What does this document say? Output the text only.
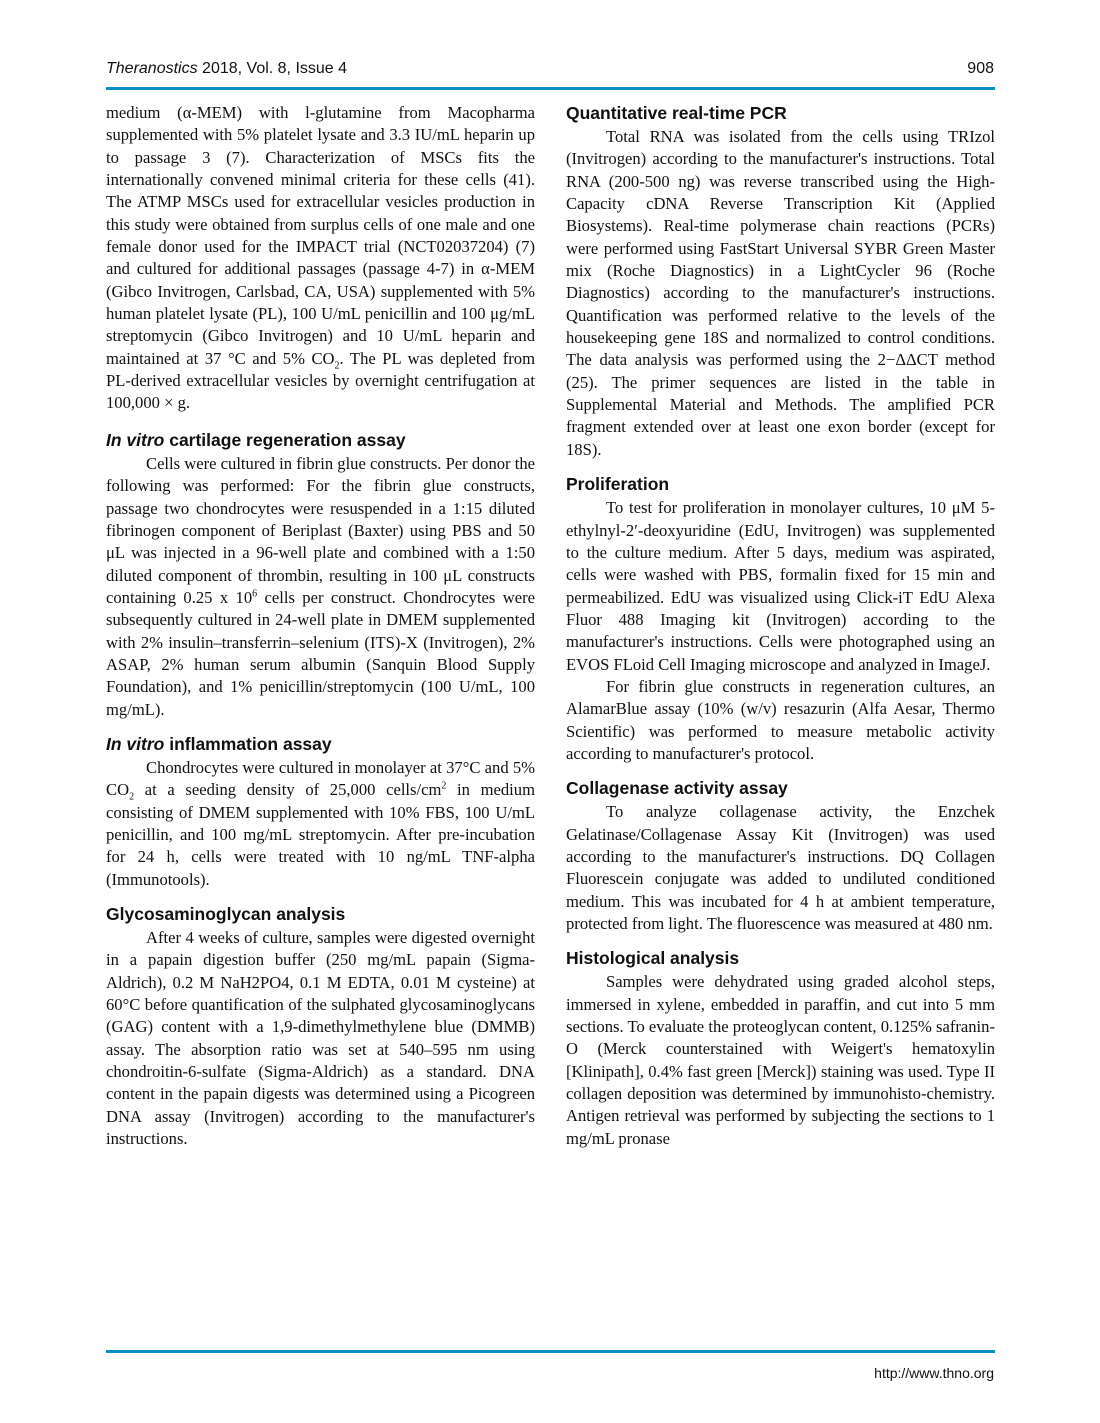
Theranostics 2018, Vol. 8, Issue 4	908

medium (α-MEM) with l-glutamine from Macopharma supplemented with 5% platelet lysate and 3.3 IU/mL heparin up to passage 3 (7). Characterization of MSCs fits the internationally convened minimal criteria for these cells (41). The ATMP MSCs used for extracellular vesicles production in this study were obtained from surplus cells of one male and one female donor used for the IMPACT trial (NCT02037204) (7) and cultured for additional passages (passage 4-7) in α-MEM (Gibco Invitrogen, Carlsbad, CA, USA) supplemented with 5% human platelet lysate (PL), 100 U/mL penicillin and 100 μg/mL streptomycin (Gibco Invitrogen) and 10 U/mL heparin and maintained at 37 °C and 5% $CO_2$. The PL was depleted from PL-derived extracellular vesicles by overnight centrifugation at 100,000 × g.

In vitro cartilage regeneration assay

Cells were cultured in fibrin glue constructs. Per donor the following was performed: For the fibrin glue constructs, passage two chondrocytes were resuspended in a 1:15 diluted fibrinogen component of Beriplast (Baxter) using PBS and 50 μL was injected in a 96-well plate and combined with a 1:50 diluted component of thrombin, resulting in 100 μL constructs containing 0.25 x $10^6$ cells per construct. Chondrocytes were subsequently cultured in 24-well plate in DMEM supplemented with 2% insulin–transferrin–selenium (ITS)-X (Invitrogen), 2% ASAP, 2% human serum albumin (Sanquin Blood Supply Foundation), and 1% penicillin/streptomycin (100 U/mL, 100 mg/mL).

In vitro inflammation assay

Chondrocytes were cultured in monolayer at 37°C and 5% $CO_2$ at a seeding density of 25,000 cells/$cm^2$ in medium consisting of DMEM supplemented with 10% FBS, 100 U/mL penicillin, and 100 mg/mL streptomycin. After pre-incubation for 24 h, cells were treated with 10 ng/mL TNF-alpha (Immunotools).

Glycosaminoglycan analysis

After 4 weeks of culture, samples were digested overnight in a papain digestion buffer (250 mg/mL papain (Sigma-Aldrich), 0.2 M NaH2PO4, 0.1 M EDTA, 0.01 M cysteine) at 60°C before quantification of the sulphated glycosaminoglycans (GAG) content with a 1,9-dimethylmethylene blue (DMMB) assay. The absorption ratio was set at 540–595 nm using chondroitin-6-sulfate (Sigma-Aldrich) as a standard. DNA content in the papain digests was determined using a Picogreen DNA assay (Invitrogen) according to the manufacturer's instructions.

Quantitative real-time PCR

Total RNA was isolated from the cells using TRIzol (Invitrogen) according to the manufacturer's instructions. Total RNA (200-500 ng) was reverse transcribed using the High-Capacity cDNA Reverse Transcription Kit (Applied Biosystems). Real-time polymerase chain reactions (PCRs) were performed using FastStart Universal SYBR Green Master mix (Roche Diagnostics) in a LightCycler 96 (Roche Diagnostics) according to the manufacturer's instructions. Quantification was performed relative to the levels of the housekeeping gene 18S and normalized to control conditions. The data analysis was performed using the 2−ΔΔCT method (25). The primer sequences are listed in the table in Supplemental Material and Methods. The amplified PCR fragment extended over at least one exon border (except for 18S).

Proliferation

To test for proliferation in monolayer cultures, 10 μM 5-ethylnyl-2′-deoxyuridine (EdU, Invitrogen) was supplemented to the culture medium. After 5 days, medium was aspirated, cells were washed with PBS, formalin fixed for 15 min and permeabilized. EdU was visualized using Click-iT EdU Alexa Fluor 488 Imaging kit (Invitrogen) according to the manufacturer's instructions. Cells were photographed using an EVOS FLoid Cell Imaging microscope and analyzed in ImageJ.

For fibrin glue constructs in regeneration cultures, an AlamarBlue assay (10% (w/v) resazurin (Alfa Aesar, Thermo Scientific) was performed to measure metabolic activity according to manufacturer's protocol.

Collagenase activity assay

To analyze collagenase activity, the Enzchek Gelatinase/Collagenase Assay Kit (Invitrogen) was used according to the manufacturer's instructions. DQ Collagen Fluorescein conjugate was added to undiluted conditioned medium. This was incubated for 4 h at ambient temperature, protected from light. The fluorescence was measured at 480 nm.

Histological analysis

Samples were dehydrated using graded alcohol steps, immersed in xylene, embedded in paraffin, and cut into 5 mm sections. To evaluate the proteoglycan content, 0.125% safranin-O (Merck counterstained with Weigert's hematoxylin [Klinipath], 0.4% fast green [Merck]) staining was used. Type II collagen deposition was determined by immunohisto-chemistry. Antigen retrieval was performed by subjecting the sections to 1 mg/mL pronase

http://www.thno.org
